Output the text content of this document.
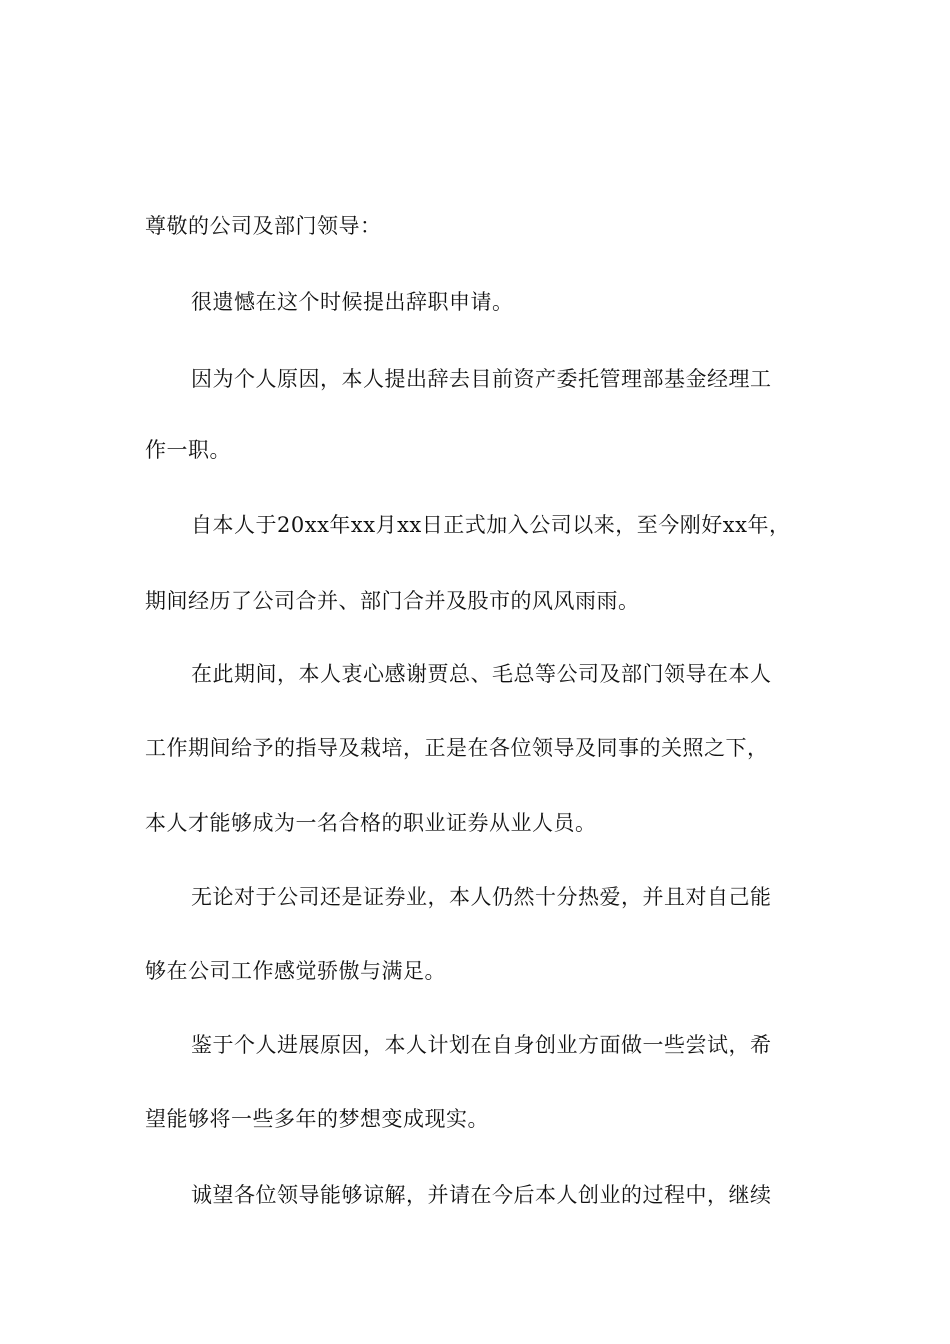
尊敬的公司及部门领导：
很遗憾在这个时候提出辞职申请。
因为个人原因，本人提出辞去目前资产委托管理部基金经理工
作一职。
自本人于20xx年xx月xx日正式加入公司以来，至今刚好xx年，
期间经历了公司合并、部门合并及股市的风风雨雨。
在此期间，本人衷心感谢贾总、毛总等公司及部门领导在本人
工作期间给予的指导及栽培，正是在各位领导及同事的关照之下，
本人才能够成为一名合格的职业证券从业人员。
无论对于公司还是证券业，本人仍然十分热爱，并且对自己能
够在公司工作感觉骄傲与满足。
鉴于个人进展原因，本人计划在自身创业方面做一些尝试，希
望能够将一些多年的梦想变成现实。
诚望各位领导能够谅解，并请在今后本人创业的过程中，继续
